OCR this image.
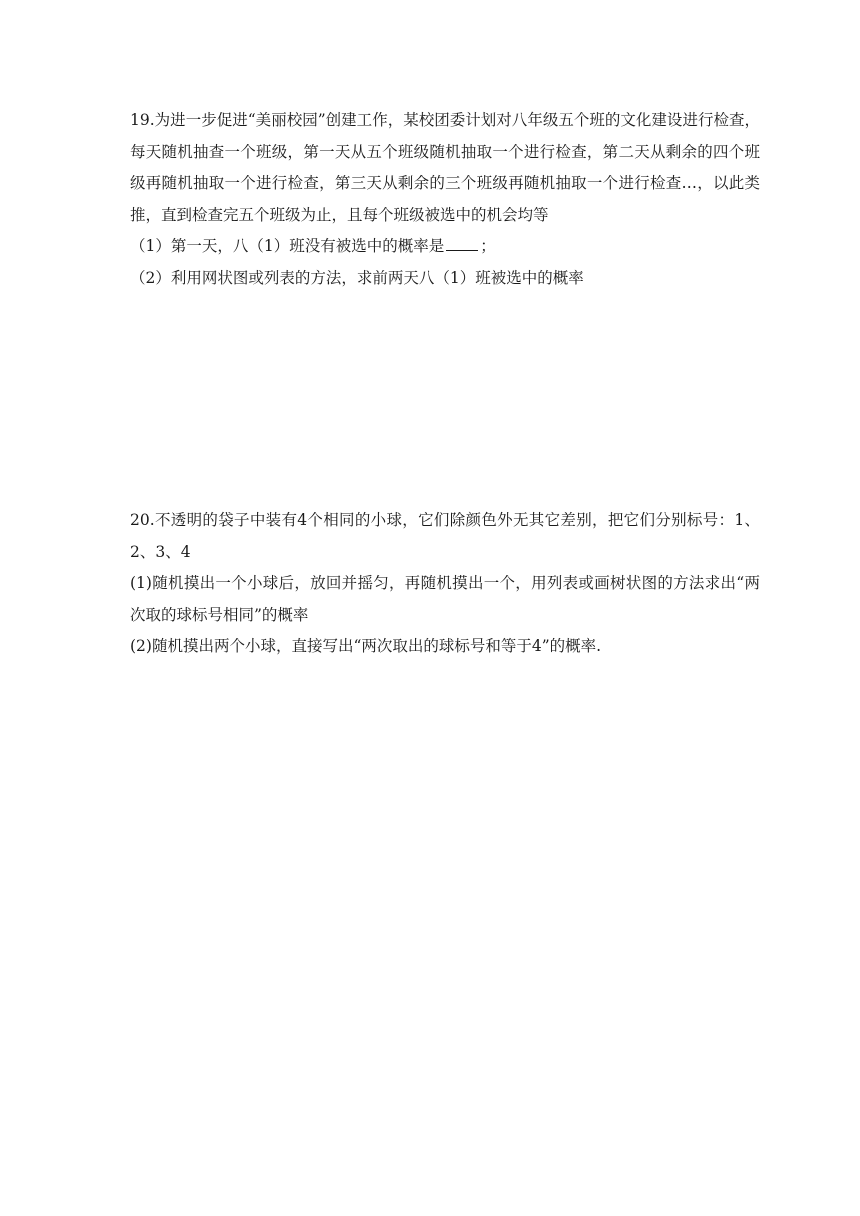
19.为进一步促进“美丽校园”创建工作，某校团委计划对八年级五个班的文化建设进行检查，每天随机抽查一个班级，第一天从五个班级随机抽取一个进行检查，第二天从剩余的四个班级再随机抽取一个进行检查，第三天从剩余的三个班级再随机抽取一个进行检查…，以此类推，直到检查完五个班级为止，且每个班级被选中的机会均等

（1）第一天，八（1）班没有被选中的概率是 ；

（2）利用网状图或列表的方法，求前两天八（1）班被选中的概率

20.不透明的袋子中装有4个相同的小球，它们除颜色外无其它差别，把它们分别标号：1、2、3、4

(1)随机摸出一个小球后，放回并摇匀，再随机摸出一个，用列表或画树状图的方法求出“两次取的球标号相同”的概率

(2)随机摸出两个小球，直接写出“两次取出的球标号和等于4”的概率.
